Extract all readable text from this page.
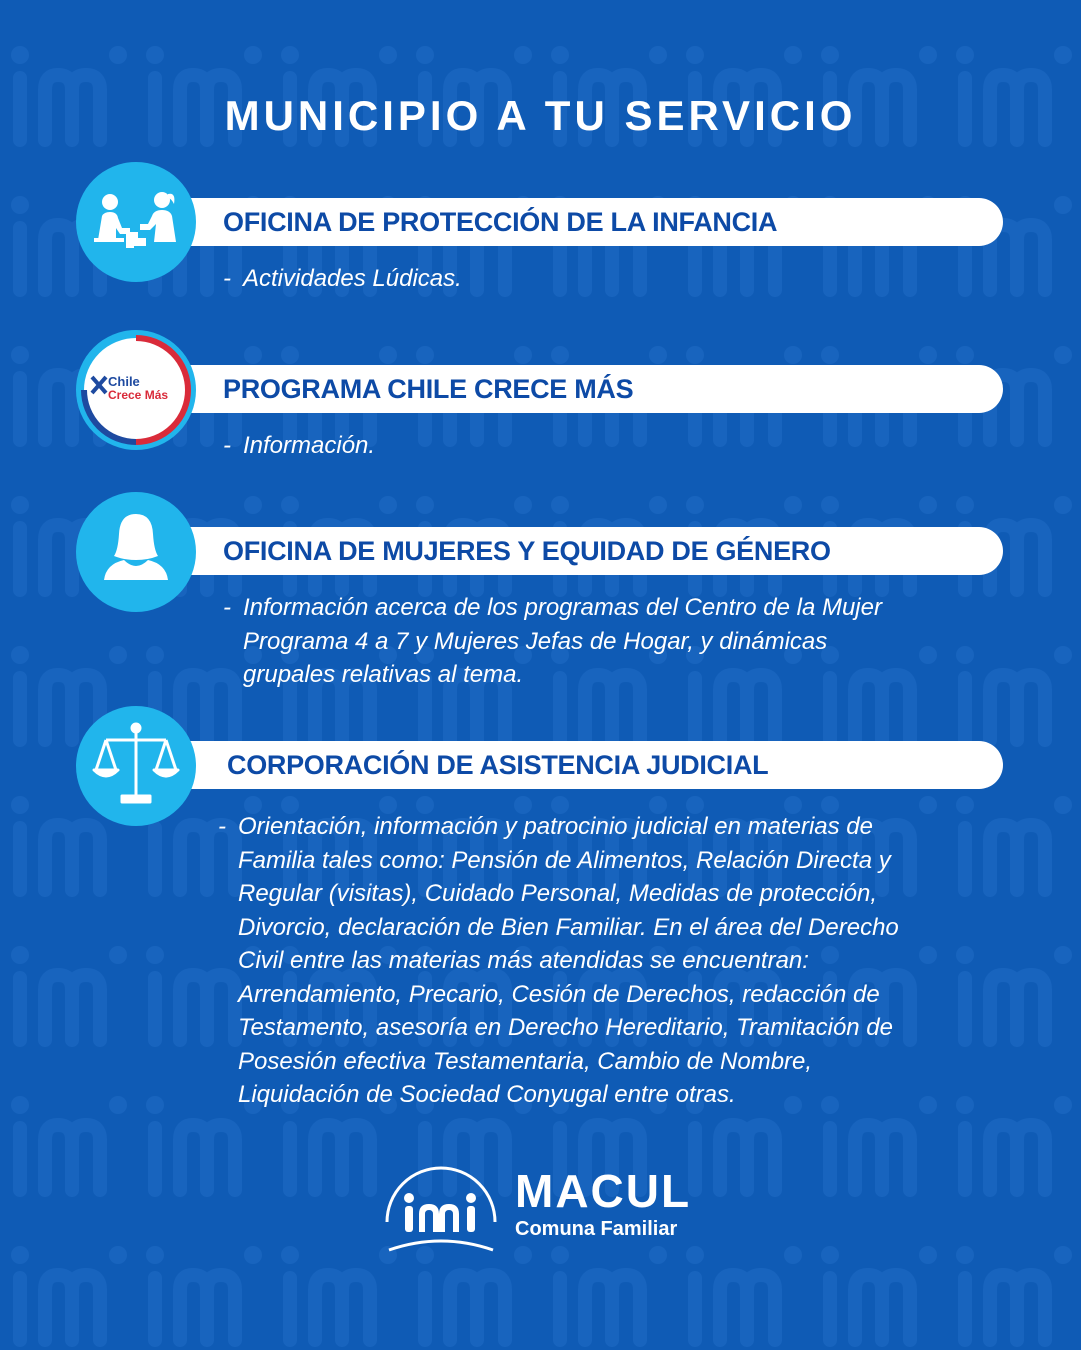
MUNICIPIO A TU SERVICIO
OFICINA DE PROTECCIÓN DE LA INFANCIA
- Actividades Lúdicas.
PROGRAMA CHILE CRECE MÁS
Chile
Crece Más
- Información.
OFICINA DE MUJERES Y EQUIDAD DE GÉNERO
- Información acerca de los programas del Centro de la Mujer
Programa 4 a 7 y Mujeres Jefas de Hogar, y dinámicas
grupales relativas al tema.
CORPORACIÓN DE ASISTENCIA JUDICIAL
- Orientación, información y patrocinio judicial en materias de
Familia tales como: Pensión de Alimentos, Relación Directa y
Regular (visitas), Cuidado Personal, Medidas de protección,
Divorcio, declaración de Bien Familiar. En el área del Derecho
Civil entre las materias más atendidas se encuentran:
Arrendamiento, Precario, Cesión de Derechos, redacción de
Testamento, asesoría en Derecho Hereditario, Tramitación de
Posesión efectiva Testamentaria, Cambio de Nombre,
Liquidación de Sociedad Conyugal entre otras.
MACUL
Comuna Familiar
